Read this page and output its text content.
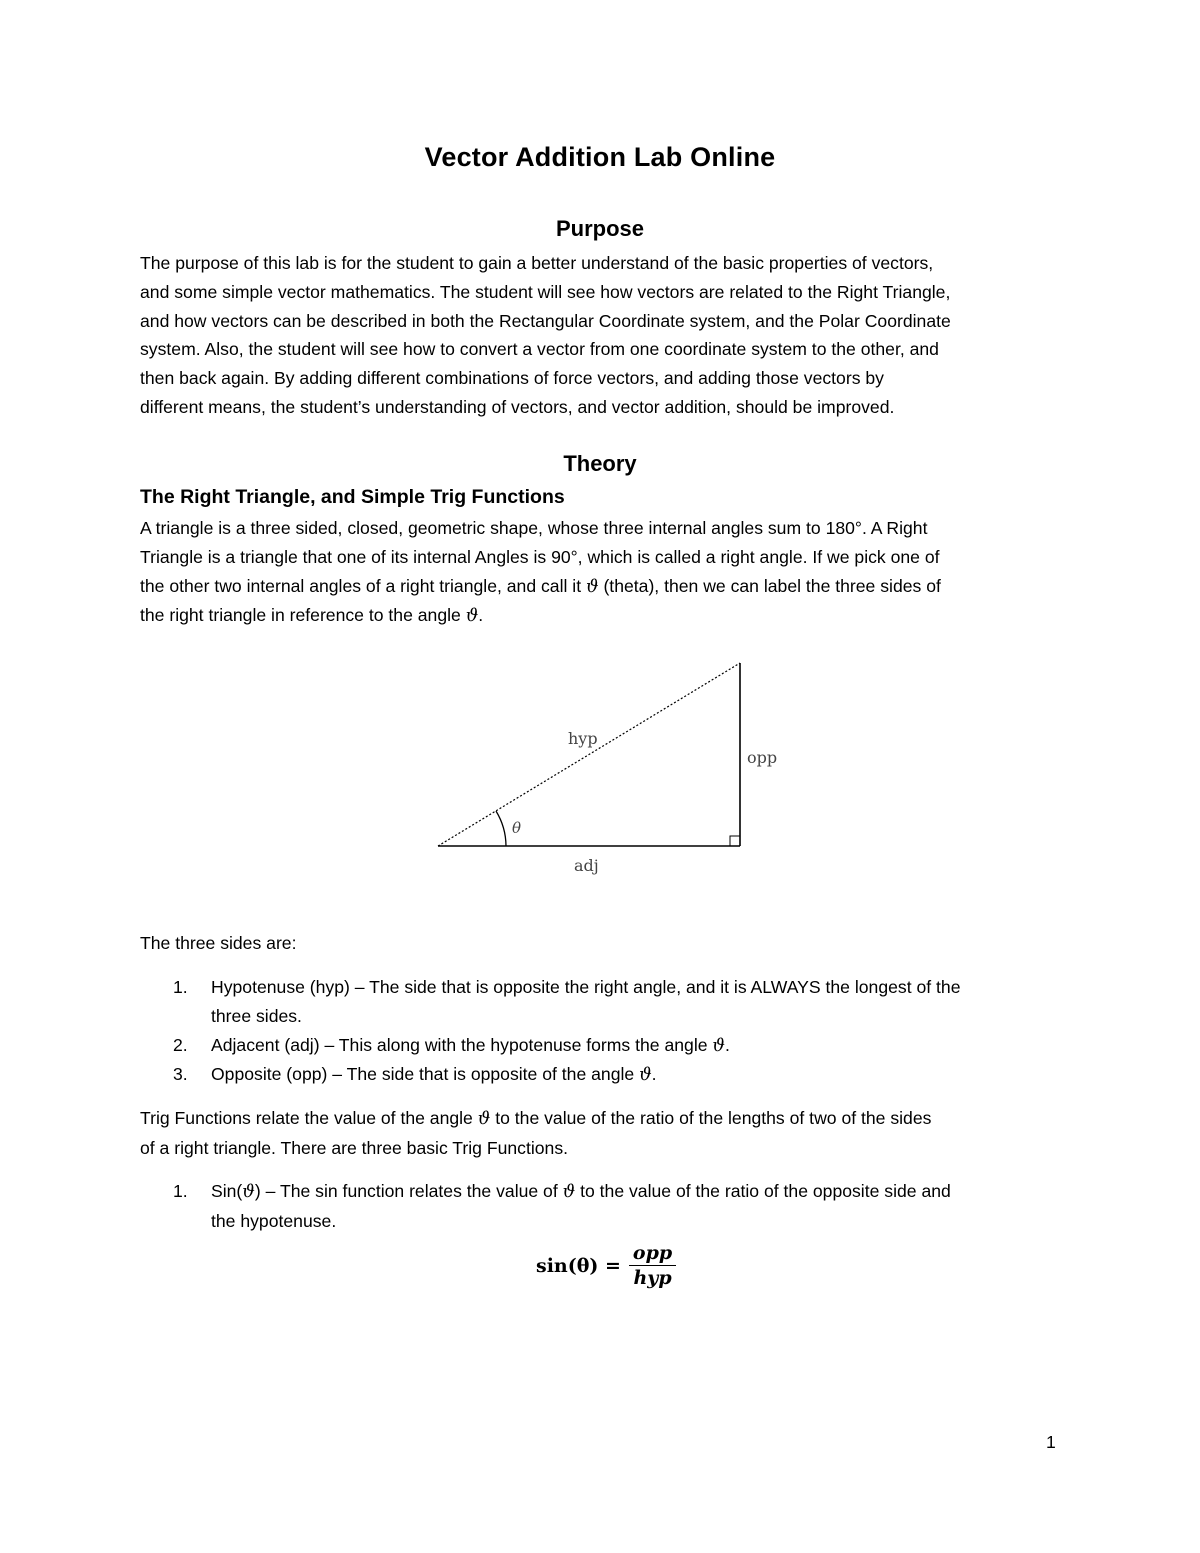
Vector Addition Lab Online
Purpose
The purpose of this lab is for the student to gain a better understand of the basic properties of vectors,
and some simple vector mathematics. The student will see how vectors are related to the Right Triangle,
and how vectors can be described in both the Rectangular Coordinate system, and the Polar Coordinate
system. Also, the student will see how to convert a vector from one coordinate system to the other, and
then back again. By adding different combinations of force vectors, and adding those vectors by
different means, the student’s understanding of vectors, and vector addition, should be improved.
Theory
The Right Triangle, and Simple Trig Functions
A triangle is a three sided, closed, geometric shape, whose three internal angles sum to 180°. A Right
Triangle is a triangle that one of its internal Angles is 90°, which is called a right angle. If we pick one of
the other two internal angles of a right triangle, and call it ϑ (theta), then we can label the three sides of
the right triangle in reference to the angle ϑ.
hyp
opp
adj
θ
The three sides are:
1. Hypotenuse (hyp) – The side that is opposite the right angle, and it is ALWAYS the longest of the
three sides.
2. Adjacent (adj) – This along with the hypotenuse forms the angle ϑ.
3. Opposite (opp) – The side that is opposite of the angle ϑ.
Trig Functions relate the value of the angle ϑ to the value of the ratio of the lengths of two of the sides
of a right triangle. There are three basic Trig Functions.
1. Sin(ϑ) – The sin function relates the value of ϑ to the value of the ratio of the opposite side and
the hypotenuse.
$\sin(\theta) = \frac{\text{opp}}{\text{hyp}}$
1
